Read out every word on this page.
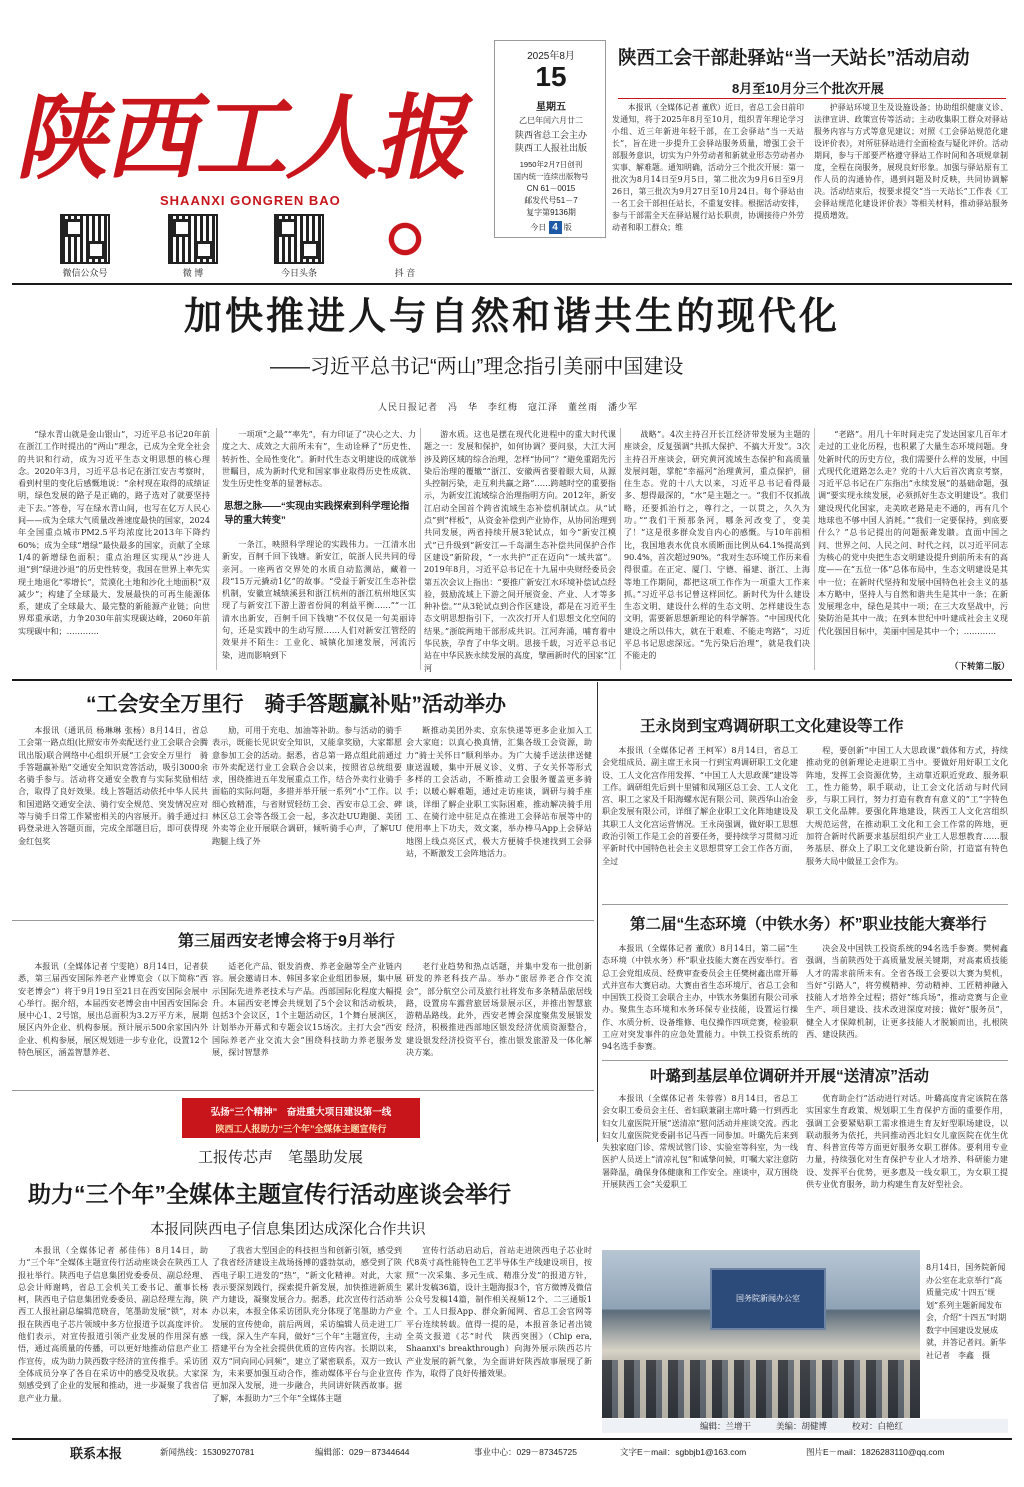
陕西工人报
SHAANXI GONGREN BAO
微信公众号	微 博	今日头条	抖 音
2025年8月
15
星期五
乙巳年闰六月廿二
陕西省总工会主办
陕西工人报社出版
1950年2月7日创刊
国内统一连续出版物号
CN 61－0015
邮发代号51－7
复字第9136期
今日 4 版
陕西工会干部赴驿站“当一天站长”活动启动
8月至10月分三个批次开展

本报讯（全媒体记者 董欣）近日，省总工会日前印发通知，将于2025年8月至10月，组织青年理论学习小组、近三年新进年轻干部，在工会驿站“当一天站长”，旨在进一步提升工会驿站服务质量，增强工会干部服务意识，切实为户外劳动者和新就业形态劳动者办实事、解难题。通知明确，活动分三个批次开展：第一批次为8月14日至9月5日，第二批次为9月6日至9月26日，第三批次为9月27日至10月24日。每个驿站由一名工会干部担任站长，不重复安排。根据活动安排，参与干部需全天在驿站履行站长职责，协调接待户外劳动者和职工群众；维

护驿站环境卫生及设施设备；协助组织健康义诊、法律宣讲、政策宣传等活动；主动收集职工群众对驿站服务内容与方式等意见建议；对照《工会驿站规范化建设评价表》，对所驻驿站进行全面检查与疑化评价。活动期间，参与干部要严格遵守驿站工作时间和各项规章制度，全程在岗服务，展现良好形象。加强与驿站原有工作人员的沟通协作，遇到问题及时反映，共同协调解决。活动结束后，按要求提交“当一天站长”工作表《工会驿站规范化建设评价表》等相关材料，推动驿站服务提质增效。

加快推进人与自然和谐共生的现代化
——习近平总书记“两山”理念指引美丽中国建设
人民日报记者　冯　华　李红梅　寇江泽　董丝雨　潘少军

“绿水青山就是金山银山”，习近平总书记20年前在浙江工作时提出的“两山”理念，已成为全党全社会的共识和行动，成为习近平生态文明思想的核心理念。2020年3月，习近平总书记在浙江安吉考察时，看到村里的变化后感慨地说：“余村现在取得的成绩证明，绿色发展的路子是正确的，路子选对了就要坚持走下去。”答卷，写在绿水青山间，也写在亿万人民心间——成为全球大气质量改善速度最快的国家，2024年全国重点城市PM2.5平均浓度比2013年下降约60%；成为全球“增绿”最快最多的国家，贡献了全球1/4的新增绿色面积；重点治理区实现从“沙进人退”到“绿进沙退”的历史性转变，我国在世界上率先实现土地退化“零增长”，荒漠化土地和沙化土地面积“双减少”；构建了全球最大、发展最快的可再生能源体系，建成了全球最大、最完整的新能源产业链；向世界郑重承诺，力争2030年前实现碳达峰，2060年前实现碳中和；…………

一项项“之最”“率先”，有力印证了“决心之大、力度之大、成效之大前所未有”，生动诠释了“历史性、转折性、全局性变化”。新时代生态文明建设的成就举世瞩目，成为新时代党和国家事业取得历史性成就、发生历史性变革的显著标志。

思想之脉——“实现由实践探索到科学理论指导的重大转变”

一条江，映照科学理论的实践伟力。一江清水出新安，百舸千回下钱塘。新安江，皖浙人民共同的母亲河。一座两省交界处的水质自动监测站，藏着一段“15万元撬动1亿”的故事。“受益于新安江生态补偿机制，安徽宣城绩溪县和浙江杭州的浙江杭州地区实现了与新安江下游上游省份间的利益平衡……”“一江清水出新安，百舸千回下钱塘”不仅仅是一句美丽诗句，还是实践中的生动写照……人们对新安江管经的效果并不陌生：工业化、城镇化加速发展，河流污染，进而影响到下

游水质。这也是摆在现代化进程中的重大时代课题之一：发展和保护，如何协调？要问泉，大江大河涉及跨区域的综合治理，怎样“协同”？“避免重蹈先污染后治理的覆辙”“浙江、安徽两省要着眼大局，从源头控制污染，走互利共赢之路”……跨越时空的重要指示，为新安江流域综合治理指明方向。2012年，新安江启动全国首个跨省流域生态补偿机制试点。从“试点”到“样板”，从资金补偿到产业协作，从协同治理到共同发展，两省持续开展3轮试点，如今“新安江模式”已升级到“新安江—千岛湖生态补偿共同保护合作区建设”新阶段，“一水共护”正在迈向“一域共富”。2019年8月，习近平总书记在十九届中央财经委员会第五次会议上指出：“要推广新安江水环境补偿试点经验，鼓励流域上下游之间开展资金、产业、人才等多种补偿。”“从3轮试点到合作区建设，都是在习近平生态文明思想指引下，一次次打开人们思想文化空间的结果。”浙皖两地干部形成共识。江河奔涌，哺育着中华民族，孕育了中华文明。思接千载，习近平总书记站在中华民族永续发展的高度，擘画新时代的国家“江河

战略”。4次主持召开长江经济带发展为主题的座谈会，反复强调“共抓大保护、不搞大开发”。3次主持召开座谈会，研究黄河流域生态保护和高质量发展问题，掌舵“幸福河”治理黄河，重点保护，留住生态。党的十八大以来，习近平总书记看得最多、想得最深的，“水”是主题之一。“我们不仅抓战略，还要抓治行之，尊行之，一以贯之，久久为功。”“我们干预那条河，哪条河改变了，变美了！”这是很多群众发自内心的感慨。与10年前相比，我国地表水优良水质断面比例从64.1%提高到90.4%，首次超过90%。“我对生态环境工作历来看得很重。在正定、厦门、宁德、福建、浙江、上海等地工作期间，都把这项工作作为一项重大工作来抓。”习近平总书记曾这样回忆。新时代为什么建设生态文明、建设什么样的生态文明、怎样建设生态文明，需要新思想新理论的科学解答。“中国现代化建设之所以伟大，就在于艰难、不能走弯路”，习近平总书记思虑深远。“先污染后治理”，就是我们决不能走的

“老路”。用几十年时间走完了发达国家几百年才走过的工业化历程，也积累了大量生态环境问题。身处新时代的历史方位，我们需要什么样的发展，中国式现代化道路怎么走？党的十八大后首次离京考察，习近平总书记在广东指出“永续发展”的基础命题，强调“要实现永续发展，必须抓好生态文明建设”。我们建设现代化国家，走美欧老路是走不通的，再有几个地球也不够中国人消耗。”“我们一定要保持，到底要什么？”总书记提出的问题振聋发聩。直面中国之问、世界之问、人民之问、时代之问，以习近平同志为核心的党中央把生态文明建设提升到前所未有的高度——在“五位一体”总体布局中，生态文明建设是其中一位；在新时代坚持和发展中国特色社会主义的基本方略中，坚持人与自然和谐共生是其中一条；在新发展理念中，绿色是其中一项；在三大攻坚战中，污染防治是其中一战；在到本世纪中叶建成社会主义现代化强国目标中，美丽中国是其中一个；…………

（下转第二版）
“工会安全万里行　骑手答题赢补贴”活动举办

本报讯（通讯员 杨琳琳 张杨）8月14日，省总工会第一路点组(比照安市外卖配送行业工会联合会腾讯出版)联合网络中心组织开展“工会安全万里行　骑手答题赢补贴”交通安全知识竞答活动，吸引3000余名骑手参与。活动将交通安全教育与实际奖励相结合，取得了良好效果。线上答题活动依托中华人民共和国道路交通安全法、骑行安全规范、突发情况应对等与骑手日常工作紧密相关的内容展开。骑手通过扫码登录进入答题页面，完成全部题目后，即可获得现金红包奖

励，可用于充电、加油等补助。参与活动的骑手表示，既能长见识安全知识，又能拿奖励，大家都愿意参加工会的活动。据悉，省总第一路点组此前通过市外卖配送行业工会联合会以来，按照省总统组要求，围绕推进五年发展重点工作，结合外卖行业骑手面临的实际问题，多措并举开展一系列“小”工作。以细心致精准，与省财贸轻纺工会、西安市总工会、碑林区总工会等各级工会一起，多次赴UU跑腿、美团外卖等企业开展联合调研，倾听骑手心声，了解UU跑腿上线了外

断推动美团外卖、京东快递等更多企业加入工会大家庭；以真心换真情，汇集各级工会资源，助力“骑士关怀日”顺利举办。为广大骑手送法律送健康送温暖，集中开展义诊、义剪、子女关怀等形式多样的工会活动，不断推动工会服务覆盖更多骑手；以暖心解难题，通过走访座谈，调研与骑手座谈，详细了解企业职工实际困难，推动解决骑手用工、在骑行途中驻足点在推进工会驿站布展等中的使用率上下功夫，效文案，举办棒马App上会驿站地图上线点亮区式，极大方便骑手快速找到工会驿站，不断激发工会阵地活力。

王永岗到宝鸡调研职工文化建设等工作

本报讯（全媒体记者 王柯军）8月14日，省总工会党组成员、副主席王永岗一行到宝鸡调研职工文化建设、工人文化宫作用发挥、“中国工人大思政课”建设等工作。调研组先后到十里铺和凤翔区总工会、工人文化宫、职工之家及千阳海螺水泥有限公司、陕西华山冶金职企发展有限公司，详细了解企业职工文化阵地建设及其职工人文化宫运营情况。王永岗强调，做好职工思想政治引领工作是工会的首要任务，要持续学习贯彻习近平新时代中国特色社会主义思想贯穿工会工作各方面，全过

程，要创新“中国工人大思政课”载体和方式，持续推动党的创新理论走进职工当中。要做好用好职工文化阵地，发挥工会资源优势，主动靠近职近党政、服务职工，性力能势，职手联动，让工会文化活动与时代同步，与职工同行，努力打造有教育有意义的“工”字特色职工文化品牌。要强化阵地建设，陕西工人文化宫组织大规范运营，在推动职工文化和工会工作常的阵地，更加符合新时代新要求基层组织产业工人思想教育……服务基层、群众上了职工文化建设新台阶，打造富有特色服务大局中做显工会作为。

第三届西安老博会将于9月举行

本报讯（全媒体记者 宁雯艳）8月14日，记者获悉，第三届西安国际养老产业博览会（以下简称“西安老博会”）将于9月19日至21日在西安国际会展中心举行。据介绍，本届西安老博会由中国西安国际会展中心1、2号馆，展出总面积为3.2万平方米，展期展区内外企业、机构参展。预计展示500余家国内外企业、机构参展，展区规划进一步专业化，设置12个特色展区，涵盖智慧养老、

适老化产品、银发消费、养老金融等全产业链内容。展会邀请日本、韩国多家企业组团参展，集中展示国际先进养老技术与产品。西部国际化程度大幅提升。本届西安老博会共规划了5个会议和活动板块，包括3个会议区，1个主题活动区，1个舞台展演区，计划举办开幕式和专题会议15场次。主打大会“西安国际养老产业交流大会”围绕科技助力养老服务发展，探讨智慧养

老行业趋势和热点话题，并集中发布一批创新研发的养老科技产品。举办“旅居养老合作交流会”，部分航空公司及旅行社将发布多条精品旅居线路，设置房车露营旅居场景展示区，并推出智慧旅游精品路线。此外，西安老博会深度聚焦发展银发经济，积极推进西部地区银发经济优质资源整合，建设银发经济投资平台，推出银发旅游及一体化解决方案。

第二届“生态环境（中铁水务）杯”职业技能大赛举行

本报讯（全媒体记者 董欣）8月14日，第二届“生态环境（中铁水务）杯”职业技能大赛在西安举行。省总工会党组成员、经费审查委员会主任樊树鑫出席开幕式并宣布大赛启动。大赛由省生态环境厅、省总工会和中国铁工投资工会联合主办，中铁水务集团有限公司承办。聚焦生态环境和水务环保专业技能，设置运行操作、水质分析、设备维修、电仪操作四项竞赛，检验职工应对突发事件的应急处置能力。中铁工投资系统的94名选手参赛。

决会及中国铁工投资系统的94名选手参赛。樊树鑫强调，当前陕西处于高质量发展关键期，对高素质技能人才的需求前所未有。全省各级工会要以大赛为契机，当好“引路人”，将劳模精神、劳动精神、工匠精神融入技能人才培养全过程；搭好“练兵场”，推动竞赛与企业生产、项目建设、技术改进深度对接；做好“服务员”，健全人才保障机制，让更多技能人才脱颖而出，扎根陕西、建设陕西。

叶璐到基层单位调研并开展“送清凉”活动

本报讯（全媒体记者 朱蓉蓉）8月14日，省总工会女职工委员会主任、省妇联兼副主席叶璐一行到西北妇女儿童医院开展“送清凉”慰问活动并座谈交流。西北妇女儿童医院党委副书记马西一同参加。叶璐先后来到失独家庭门诊、常规试管门诊、实验室等科室，为一线医护人员送上“清凉礼包”和诚挚问候，叮嘱大家注意防暑降温，确保身体健康和工作安全。座谈中，双方围绕开展陕西工会“关爱职工

优育助企行”活动进行对话。叶璐高度肯定该院在落实国家生育政策、规划职工生育保护方面的重要作用，强调工会要紧贴职工需求推进生育友好型职场建设，以联动服务为依托，共同推动西北妇女儿童医院在优生优育、科普宣传等方面更好服务女职工群体。要利用专业力量，持续强化对生育保护专业人才培养、科研能力建设、发挥平台优势，更多惠及一线女职工，为女职工提供专业优育服务，助力构建生育友好型社会。

弘扬“三个精神”　奋进重大项目建设第一线
陕西工人报助力“三个年”全媒体主题宣传行
工报传芯声　笔墨助发展
助力“三个年”全媒体主题宣传行活动座谈会举行
本报同陕西电子信息集团达成深化合作共识

本报讯（全媒体记者 郝佳伟）8月14日，助力“三个年”全媒体主题宣传行活动座谈会在陕西工人报社举行。陕西电子信息集团党委委员、副总经理、总会计师谢鸣，省总工会机关工委书记、董事长杨柯，陕西电子信息集团党委委员、副总经理左海，陕西工人报社副总编辑范晓音，笔墨助发展“锁”，对本报在陕西电子芯片领域中多方位报道予以高度评价。他们表示，对宣传报道引领产业发展的作用深有感悟，通过高质量的传播，可以更好地推动信息产业工作宣传，成为助力陕西数字经济的宣传推手。采访团全体成员分享了各自在采访中的感受及收获。大家深刻感受到了企业的发展和推动，进一步凝聚了我省信息产业力量。

了我省大型国企的科技担当和创新引领，感受到了我省经济建设主战场扬搏的盛勃氛动，感受到了陕西电子职工进发的“热”，“新文化精神。对此，大家表示要深刻践行，探索提升新发展，加快推进新质生产力建设，凝聚发展合力。据悉，此次宣传行活动举办以来，本报全体采访团队充分体现了笔墨助力产业发展的宣传使命，前后两周，采访编辑人员走进工厂一线，深入生产车间，做好“三个年”主题宣传，主动搭建平台为全社会提供优质的宣传内容。长期以来，双方“同向同心同频”，建立了紧密联系，双方一致认为，未来要加强互动合作，推动媒体平台与企业宣传更加深入发展，进一步融合，共同讲好陕西故事。据了解，本报助力“三个年”全媒体主题

宣传行活动启动后，首站走进陕西电子芯业时代8英寸高性能特色工艺半导体生产线建设项目，按照“一次采集、多元生成、精准分发”的报道方针，累计发稿36篇，设计主题海报3个，官方微博及微信公众号发稿14篇，制作相关视频12个、二三通版1个。工人日报App、群众新闻网、省总工会官网等平台连续转载。值得一提的是，本报首条记者出镜全英文报道《芯”时代　陕西突围》（Chip era, Shaanxi's breakthrough）向海外展示陕西芯片产业发展的新气象，为全面讲好陕西故事展现了新作为，取得了良好传播效果。

国务院新闻办公室

8月14日，国务院新闻办公室在北京举行“高质量完成‘十四五’规划”系列主题新闻发布会，介绍“十四五”时期数字中国建设发展成就，并答记者问。新华社记者　李鑫　摄

编辑：兰增干	美编：胡健博	校对：白艳红
联系本报	新闻热线：15309270781	编辑部：029－87344644	事业中心：029－87345725	文字E－mail：sgbbjb1@163.com	图片E－mail：1826283110@qq.com
